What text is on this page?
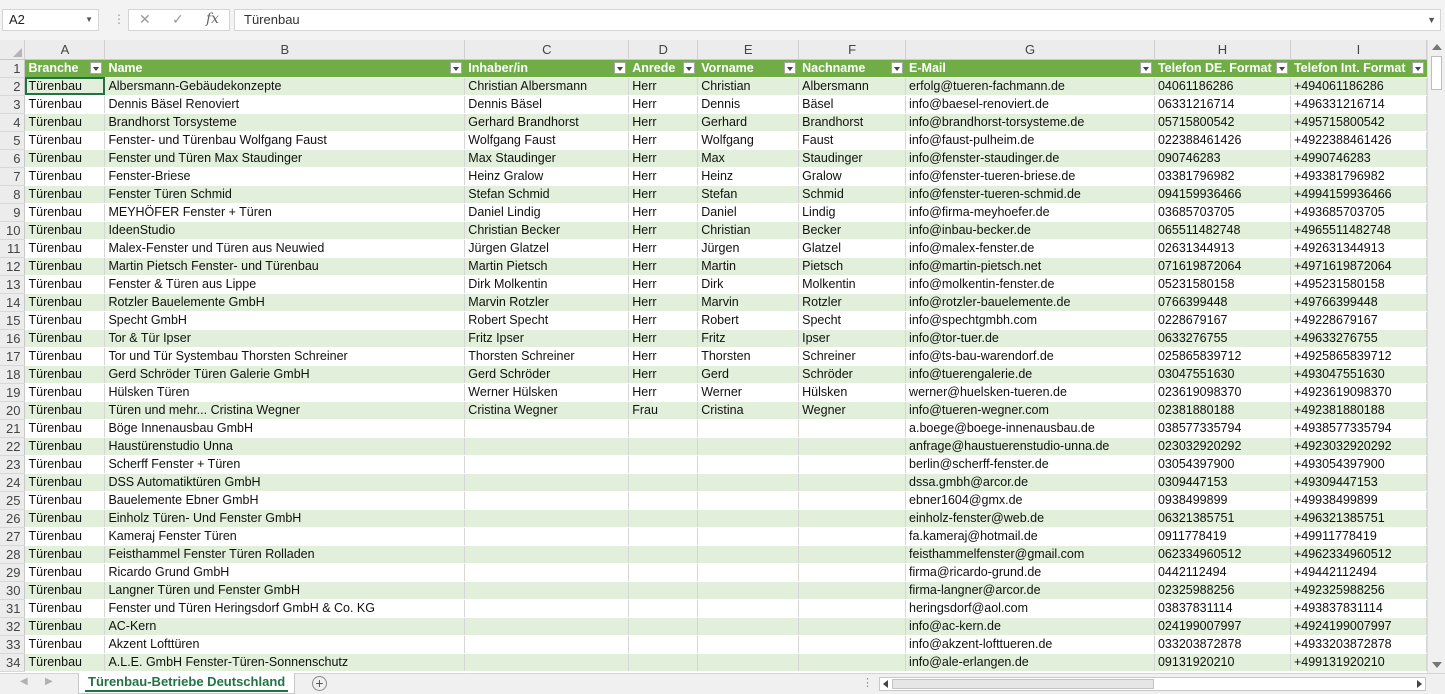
A2	▼ ⋮ ✕ ✓ fx	Türenbau	▼
	A	B	C	D	E	F	G	H	I
1	Branche	Name	Inhaber/in	Anrede	Vorname	Nachname	E-Mail	Telefon DE. Format	Telefon Int. Format

2	Türenbau	Albersmann-Gebäudekonzepte	Christian Albersmann	Herr	Christian	Albersmann	erfolg@tueren-fachmann.de	04061186286	+494061186286
3	Türenbau	Dennis Bäsel Renoviert	Dennis Bäsel	Herr	Dennis	Bäsel	info@baesel-renoviert.de	06331216714	+496331216714
4	Türenbau	Brandhorst Torsysteme	Gerhard Brandhorst	Herr	Gerhard	Brandhorst	info@brandhorst-torsysteme.de	05715800542	+495715800542
5	Türenbau	Fenster- und Türenbau Wolfgang Faust	Wolfgang Faust	Herr	Wolfgang	Faust	info@faust-pulheim.de	022388461426	+4922388461426
6	Türenbau	Fenster und Türen Max Staudinger	Max Staudinger	Herr	Max	Staudinger	info@fenster-staudinger.de	090746283	+4990746283
7	Türenbau	Fenster-Briese	Heinz Gralow	Herr	Heinz	Gralow	info@fenster-tueren-briese.de	03381796982	+493381796982
8	Türenbau	Fenster Türen Schmid	Stefan Schmid	Herr	Stefan	Schmid	info@fenster-tueren-schmid.de	094159936466	+4994159936466
9	Türenbau	MEYHÖFER Fenster + Türen	Daniel Lindig	Herr	Daniel	Lindig	info@firma-meyhoefer.de	03685703705	+493685703705
10	Türenbau	IdeenStudio	Christian Becker	Herr	Christian	Becker	info@inbau-becker.de	065511482748	+4965511482748
11	Türenbau	Malex-Fenster und Türen aus Neuwied	Jürgen Glatzel	Herr	Jürgen	Glatzel	info@malex-fenster.de	02631344913	+492631344913
12	Türenbau	Martin Pietsch Fenster- und Türenbau	Martin Pietsch	Herr	Martin	Pietsch	info@martin-pietsch.net	071619872064	+4971619872064
13	Türenbau	Fenster & Türen aus Lippe	Dirk Molkentin	Herr	Dirk	Molkentin	info@molkentin-fenster.de	05231580158	+495231580158
14	Türenbau	Rotzler Bauelemente GmbH	Marvin Rotzler	Herr	Marvin	Rotzler	info@rotzler-bauelemente.de	0766399448	+49766399448
15	Türenbau	Specht GmbH	Robert Specht	Herr	Robert	Specht	info@spechtgmbh.com	0228679167	+49228679167
16	Türenbau	Tor & Tür Ipser	Fritz Ipser	Herr	Fritz	Ipser	info@tor-tuer.de	0633276755	+49633276755
17	Türenbau	Tor und Tür Systembau Thorsten Schreiner	Thorsten Schreiner	Herr	Thorsten	Schreiner	info@ts-bau-warendorf.de	025865839712	+4925865839712
18	Türenbau	Gerd Schröder Türen Galerie GmbH	Gerd Schröder	Herr	Gerd	Schröder	info@tuerengalerie.de	03047551630	+493047551630
19	Türenbau	Hülsken Türen	Werner Hülsken	Herr	Werner	Hülsken	werner@huelsken-tueren.de	023619098370	+4923619098370
20	Türenbau	Türen und mehr... Cristina Wegner	Cristina Wegner	Frau	Cristina	Wegner	info@tueren-wegner.com	02381880188	+492381880188
21	Türenbau	Böge Innenausbau GmbH					a.boege@boege-innenausbau.de	038577335794	+4938577335794
22	Türenbau	Haustürenstudio Unna					anfrage@haustuerenstudio-unna.de	023032920292	+4923032920292
23	Türenbau	Scherff Fenster + Türen					berlin@scherff-fenster.de	03054397900	+493054397900
24	Türenbau	DSS Automatiktüren GmbH					dssa.gmbh@arcor.de	0309447153	+49309447153
25	Türenbau	Bauelemente Ebner GmbH					ebner1604@gmx.de	0938499899	+49938499899
26	Türenbau	Einholz Türen- Und Fenster GmbH					einholz-fenster@web.de	06321385751	+496321385751
27	Türenbau	Kameraj Fenster Türen					fa.kameraj@hotmail.de	0911778419	+49911778419
28	Türenbau	Feisthammel Fenster Türen Rolladen					feisthammelfenster@gmail.com	062334960512	+4962334960512
29	Türenbau	Ricardo Grund GmbH					firma@ricardo-grund.de	0442112494	+49442112494
30	Türenbau	Langner Türen und Fenster GmbH					firma-langner@arcor.de	02325988256	+492325988256
31	Türenbau	Fenster und Türen Heringsdorf GmbH & Co. KG					heringsdorf@aol.com	03837831114	+493837831114
32	Türenbau	AC-Kern					info@ac-kern.de	024199007997	+4924199007997
33	Türenbau	Akzent Lofttüren					info@akzent-lofttueren.de	033203872878	+4933203872878
34	Türenbau	A.L.E. GmbH Fenster-Türen-Sonnenschutz					info@ale-erlangen.de	09131920210	+499131920210
◀ ▶	Türenbau-Betriebe Deutschland	+	⋮
